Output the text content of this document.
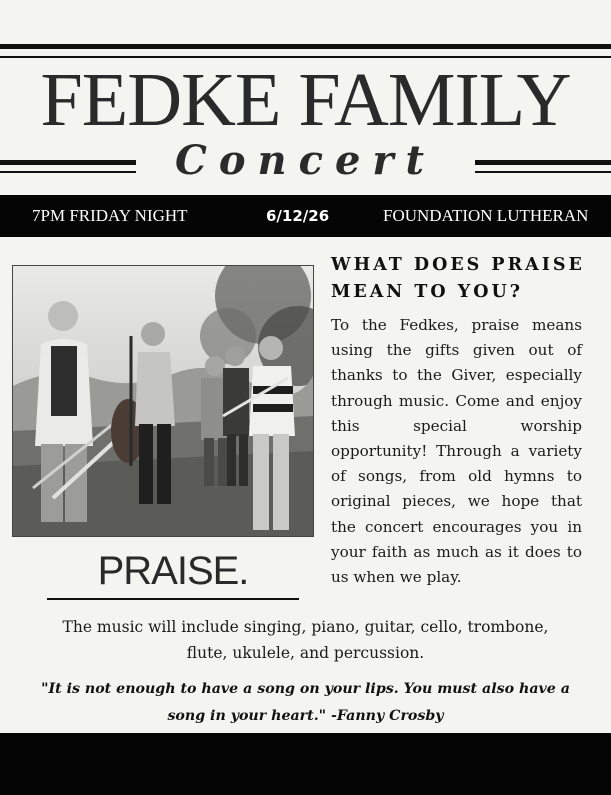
FEDKE FAMILY
Concert
7PM FRIDAY NIGHT	6/12/26	FOUNDATION LUTHERAN
PRAISE.
WHAT DOES PRAISE MEAN TO YOU?
To the Fedkes, praise means using the gifts given out of thanks to the Giver, especially through music. Come and enjoy this special worship opportunity! Through a variety of songs, from old hymns to original pieces, we hope that the concert encourages you in your faith as much as it does to us when we play.
The music will include singing, piano, guitar, cello, trombone, flute, ukulele, and percussion.
"It is not enough to have a song on your lips. You must also have a song in your heart." -Fanny Crosby
